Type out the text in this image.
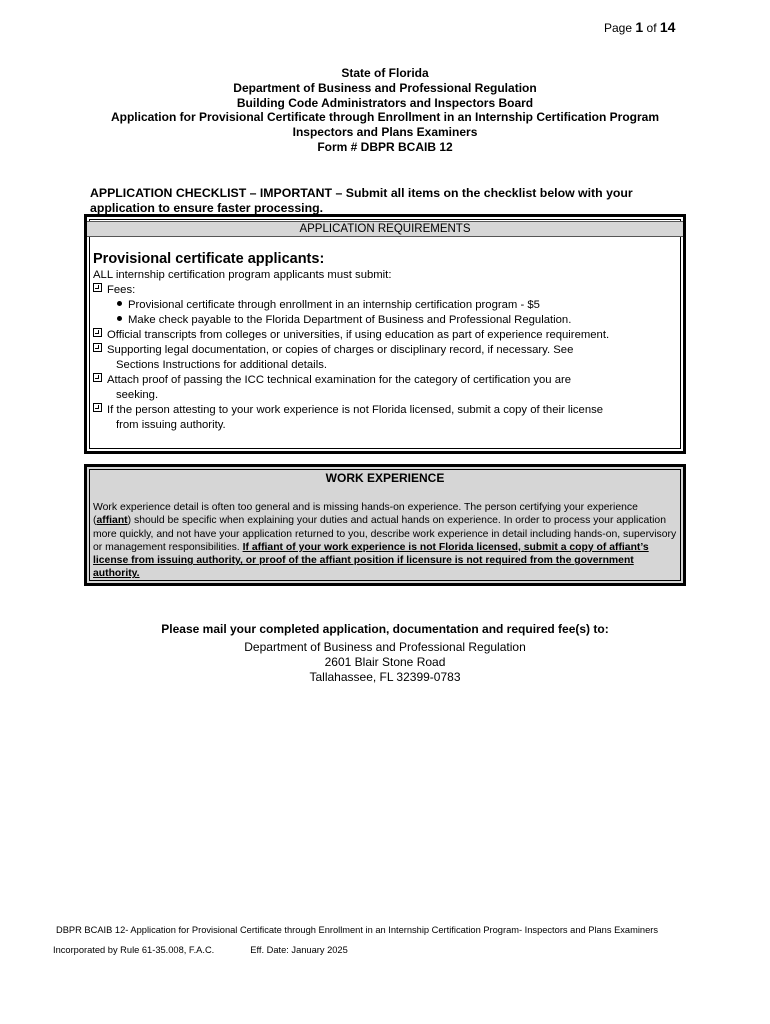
Page 1 of 14
State of Florida
Department of Business and Professional Regulation
Building Code Administrators and Inspectors Board
Application for Provisional Certificate through Enrollment in an Internship Certification Program
Inspectors and Plans Examiners
Form # DBPR BCAIB 12
APPLICATION CHECKLIST – IMPORTANT – Submit all items on the checklist below with your
application to ensure faster processing.
APPLICATION REQUIREMENTS
Provisional certificate applicants:
ALL internship certification program applicants must submit:
Fees:
Provisional certificate through enrollment in an internship certification program - $5
Make check payable to the Florida Department of Business and Professional Regulation.
Official transcripts from colleges or universities, if using education as part of experience requirement.
Supporting legal documentation, or copies of charges or disciplinary record, if necessary. See
Sections Instructions for additional details.
Attach proof of passing the ICC technical examination for the category of certification you are
seeking.
If the person attesting to your work experience is not Florida licensed, submit a copy of their license
from issuing authority.
WORK EXPERIENCE
Work experience detail is often too general and is missing hands-on experience. The person certifying your experience (affiant) should be specific when explaining your duties and actual hands on experience. In order to process your application more quickly, and not have your application returned to you, describe work experience in detail including hands-on, supervisory or management responsibilities. If affiant of your work experience is not Florida licensed, submit a copy of affiant’s license from issuing authority, or proof of the affiant position if licensure is not required from the government authority.
Please mail your completed application, documentation and required fee(s) to:
Department of Business and Professional Regulation
2601 Blair Stone Road
Tallahassee, FL 32399-0783
DBPR BCAIB 12- Application for Provisional Certificate through Enrollment in an Internship Certification Program- Inspectors and Plans Examiners
Incorporated by Rule 61-35.008, F.A.C.	Eff. Date: January 2025
